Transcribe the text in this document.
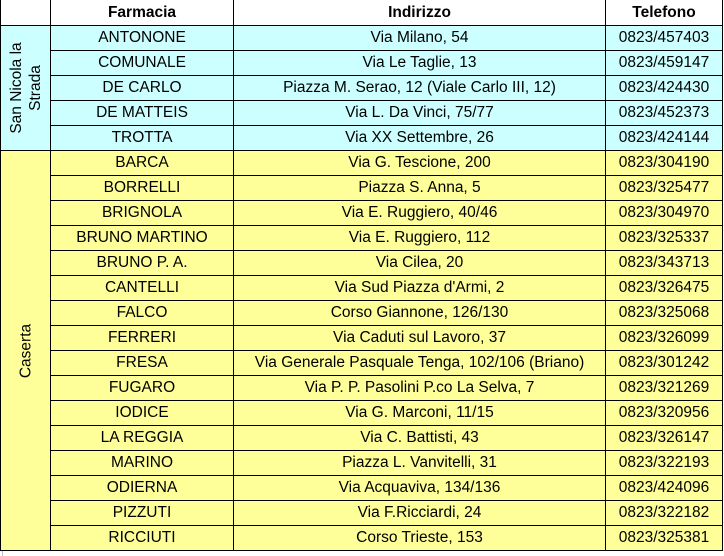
	Farmacia	Indirizzo	Telefono

San Nicola la Strada	ANTONONE	Via Milano, 54	0823/457403
	COMUNALE	Via Le Taglie, 13	0823/459147
	DE CARLO	Piazza M. Serao, 12 (Viale Carlo III, 12)	0823/424430
	DE MATTEIS	Via L. Da Vinci, 75/77	0823/452373
	TROTTA	Via XX Settembre, 26	0823/424144

Caserta	BARCA	Via G. Tescione, 200	0823/304190
	BORRELLI	Piazza S. Anna, 5	0823/325477
	BRIGNOLA	Via E. Ruggiero, 40/46	0823/304970
	BRUNO MARTINO	Via E. Ruggiero, 112	0823/325337
	BRUNO P. A.	Via Cilea, 20	0823/343713
	CANTELLI	Via Sud Piazza d'Armi, 2	0823/326475
	FALCO	Corso Giannone, 126/130	0823/325068
	FERRERI	Via Caduti sul Lavoro, 37	0823/326099
	FRESA	Via Generale Pasquale Tenga, 102/106 (Briano)	0823/301242
	FUGARO	Via P. P. Pasolini P.co La Selva, 7	0823/321269
	IODICE	Via G. Marconi, 11/15	0823/320956
	LA REGGIA	Via C. Battisti, 43	0823/326147
	MARINO	Piazza L. Vanvitelli, 31	0823/322193
	ODIERNA	Via Acquaviva, 134/136	0823/424096
	PIZZUTI	Via F.Ricciardi, 24	0823/322182
	RICCIUTI	Corso Trieste, 153	0823/325381
